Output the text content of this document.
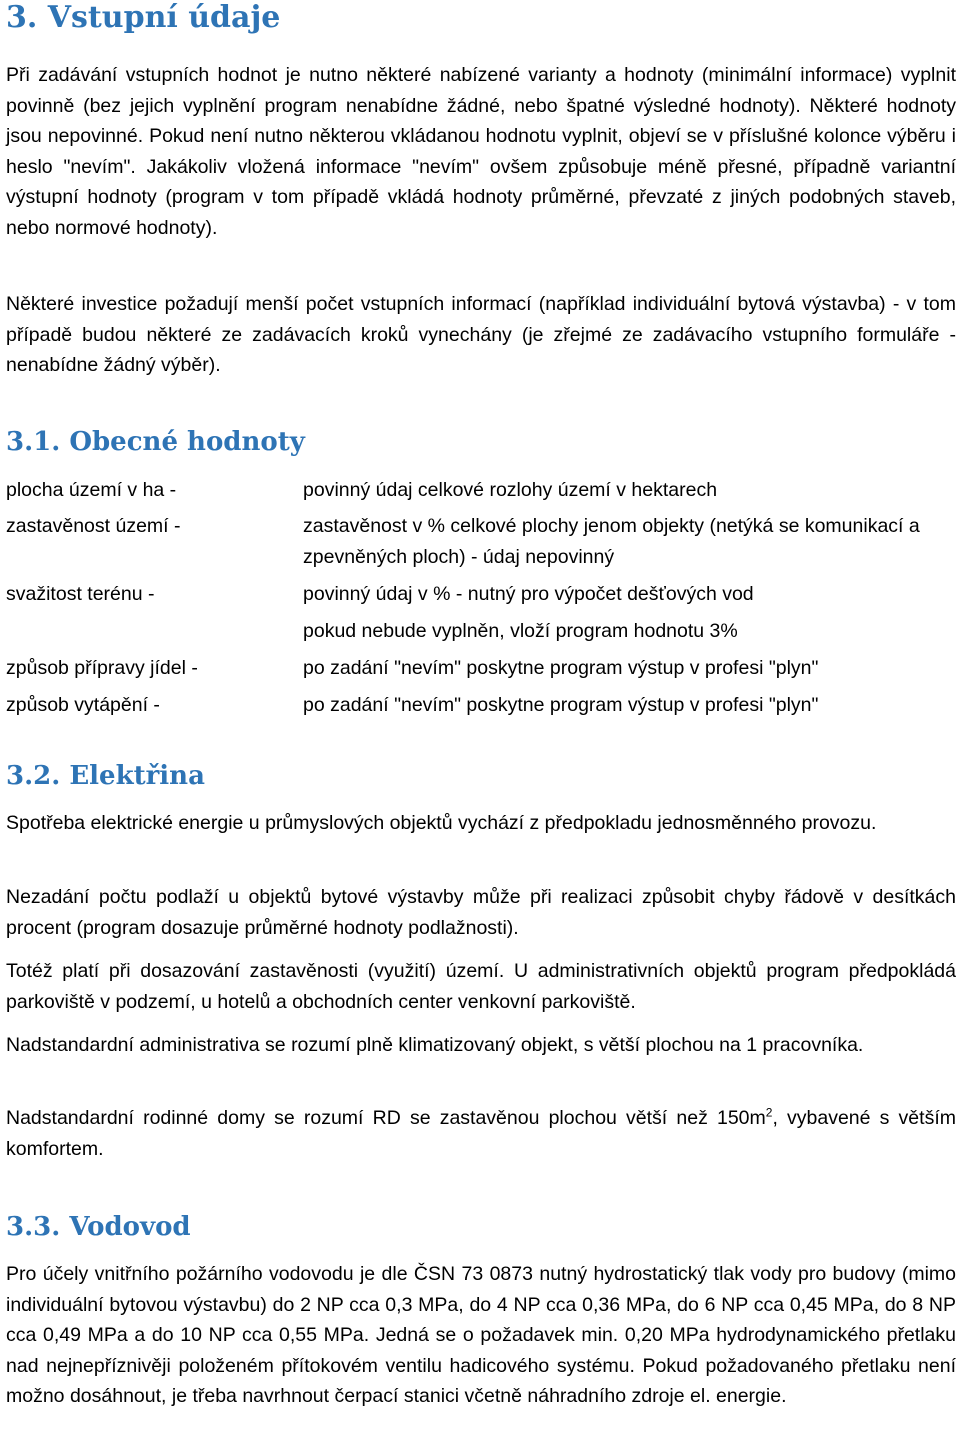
3. Vstupní údaje

Při zadávání vstupních hodnot je nutno některé nabízené varianty a hodnoty (minimální informace) vyplnit povinně (bez jejich vyplnění program nenabídne žádné, nebo špatné výsledné hodnoty). Některé hodnoty jsou nepovinné. Pokud není nutno některou vkládanou hodnotu vyplnit, objeví se v příslušné kolonce výběru i heslo "nevím". Jakákoliv vložená informace "nevím" ovšem způsobuje méně přesné, případně variantní výstupní hodnoty (program v tom případě vkládá hodnoty průměrné, převzaté z jiných podobných staveb, nebo normové hodnoty).

Některé investice požadují menší počet vstupních informací (například individuální bytová výstavba) - v tom případě budou některé ze zadávacích kroků vynechány (je zřejmé ze zadávacího vstupního formuláře - nenabídne žádný výběr).

3.1. Obecné hodnoty
plocha území v ha -	povinný údaj celkové rozlohy území v hektarech
zastavěnost území -	zastavěnost v % celkové plochy jenom objekty (netýká se komunikací a zpevněných ploch) - údaj nepovinný
svažitost terénu -	povinný údaj v % - nutný pro výpočet dešťových vod
pokud nebude vyplněn, vloží program hodnotu 3%
způsob přípravy jídel -	po zadání "nevím" poskytne program výstup v profesi "plyn"
způsob vytápění -	po zadání "nevím" poskytne program výstup v profesi "plyn"
3.2. Elektřina

Spotřeba elektrické energie u průmyslových objektů vychází z předpokladu jednosměnného provozu.

Nezadání počtu podlaží u objektů bytové výstavby může při realizaci způsobit chyby řádově v desítkách procent (program dosazuje průměrné hodnoty podlažnosti).

Totéž platí při dosazování zastavěnosti (využití) území. U administrativních objektů program předpokládá parkoviště v podzemí, u hotelů a obchodních center venkovní parkoviště.

Nadstandardní administrativa se rozumí plně klimatizovaný objekt, s větší plochou na 1 pracovníka.

Nadstandardní rodinné domy se rozumí RD se zastavěnou plochou větší než $150m^2$, vybavené s větším komfortem.

3.3. Vodovod

Pro účely vnitřního požárního vodovodu je dle ČSN 73 0873 nutný hydrostatický tlak vody pro budovy (mimo individuální bytovou výstavbu) do 2 NP cca 0,3 MPa, do 4 NP cca 0,36 MPa, do 6 NP cca 0,45 MPa, do 8 NP cca 0,49 MPa a do 10 NP cca 0,55 MPa. Jedná se o požadavek min. 0,20 MPa hydrodynamického přetlaku nad nejnepříznivěji položeném přítokovém ventilu hadicového systému. Pokud požadovaného přetlaku není možno dosáhnout, je třeba navrhnout čerpací stanici včetně náhradního zdroje el. energie.
